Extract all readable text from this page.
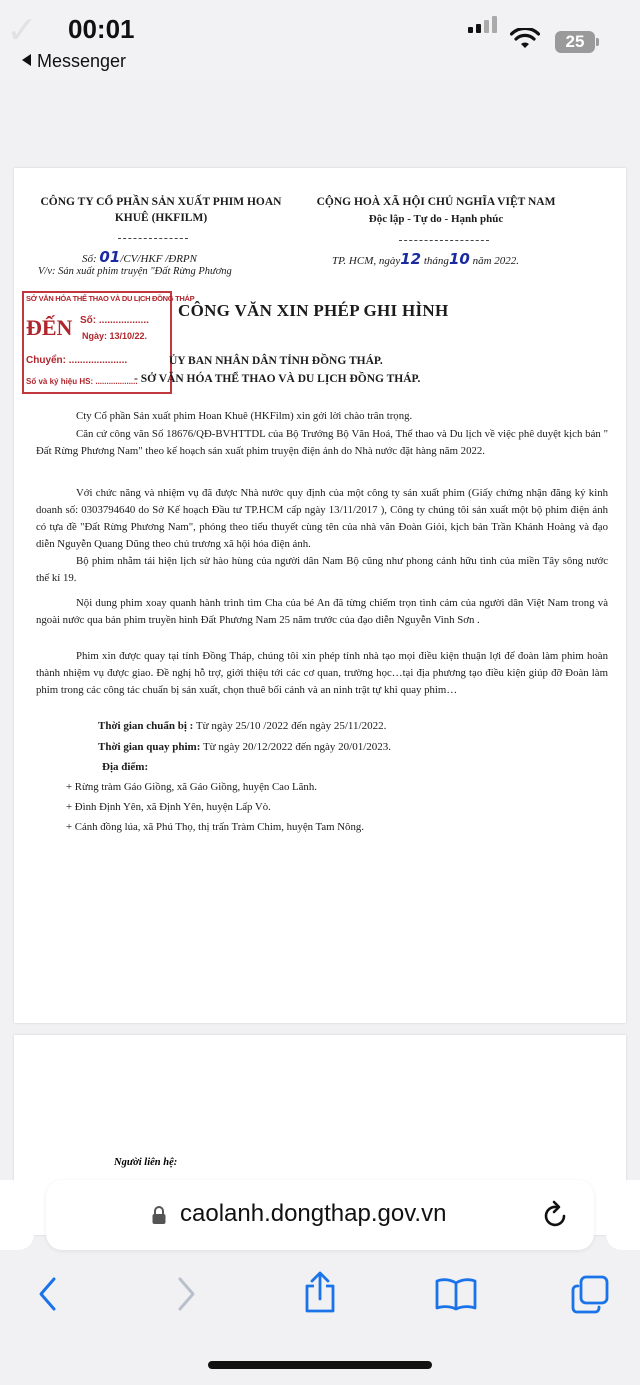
✓	00:01
Messenger
25
CÔNG TY CỔ PHẦN SẢN XUẤT PHIM HOAN KHUÊ (HKFILM)
CỘNG HOÀ XÃ HỘI CHỦ NGHĨA VIỆT NAM
Độc lập - Tự do - Hạnh phúc
Số: 01/CV/HKF /ĐRPN
V/v: Sản xuất phim truyện "Đất Rừng Phương
TP. HCM, ngày12 tháng10 năm 2022.
SỞ VĂN HÓA THỂ THAO VÀ DU LỊCH ĐỒNG THÁP
ĐẾN Số: ..................
Ngày: 13/10/22.
Chuyển: .....................
Số và ký hiệu HS: ...................
CÔNG VĂN XIN PHÉP GHI HÌNH
ỦY BAN NHÂN DÂN TỈNH ĐỒNG THÁP.
- SỞ VĂN HÓA THỂ THAO VÀ DU LỊCH ĐỒNG THÁP.
Cty Cổ phần Sản xuất phim Hoan Khuê (HKFilm) xin gởi lời chào trân trọng.
Căn cứ công văn Số 18676/QĐ-BVHTTDL của Bộ Trưởng Bộ Văn Hoá, Thể thao và Du lịch về việc phê duyệt kịch bản " Đất Rừng Phương Nam" theo kế hoạch sản xuất phim truyện điện ảnh do Nhà nước đặt hàng năm 2022.
Với chức năng và nhiệm vụ đã được Nhà nước quy định của một công ty sản xuất phim (Giấy chứng nhận đăng ký kinh doanh số: 0303794640 do Sở Kế hoạch Đầu tư TP.HCM cấp ngày 13/11/2017 ), Công ty chúng tôi sản xuất một bộ phim điện ảnh có tựa đề "Đất Rừng Phương Nam", phóng theo tiểu thuyết cùng tên của nhà văn Đoàn Giỏi, kịch bản Trần Khánh Hoàng và đạo diễn Nguyễn Quang Dũng theo chủ trương xã hội hóa điện ảnh.
Bộ phim nhằm tái hiện lịch sử hào hùng của người dân Nam Bộ cũng như phong cảnh hữu tình của miền Tây sông nước thế kỉ 19.
Nội dung phim xoay quanh hành trình tìm Cha của bé An đã từng chiếm trọn tình cảm của người dân Việt Nam trong và ngoài nước qua bản phim truyền hình Đất Phương Nam 25 năm trước của đạo diễn Nguyễn Vinh Sơn .
Phim xin được quay tại tỉnh Đồng Tháp, chúng tôi xin phép tỉnh nhà tạo mọi điều kiện thuận lợi để đoàn làm phim hoàn thành nhiệm vụ được giao. Đề nghị hỗ trợ, giới thiệu tới các cơ quan, trường học…tại địa phương tạo điều kiện giúp đỡ Đoàn làm phim trong các công tác chuẩn bị sản xuất, chọn thuê bối cảnh và an ninh trật tự khi quay phim…
Thời gian chuẩn bị : Từ ngày 25/10 /2022 đến ngày 25/11/2022.
Thời gian quay phim: Từ ngày 20/12/2022 đến ngày 20/01/2023.
Địa điểm:
+ Rừng tràm Gáo Giồng, xã Gáo Giồng, huyện Cao Lãnh.
+ Đình Định Yên, xã Định Yên, huyện Lấp Vò.
+ Cánh đồng lúa, xã Phú Thọ, thị trấn Tràm Chim, huyện Tam Nông.
Người liên hệ:
caolanh.dongthap.gov.vn
